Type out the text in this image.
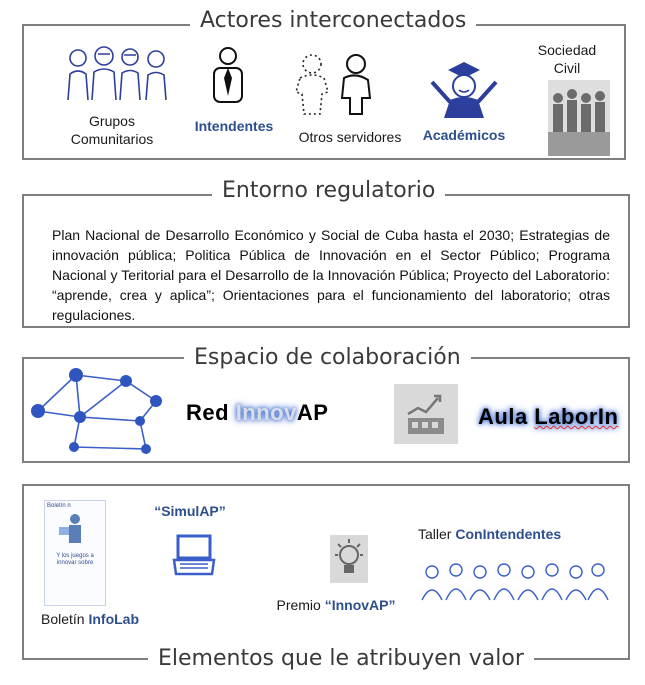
Actores interconectados
Grupos Comunitarios
Intendentes
Otros servidores	Académicos
Sociedad Civil
Entorno regulatorio
Plan Nacional de Desarrollo Económico y Social de Cuba hasta el 2030; Estrategias de innovación pública; Politica Pública de Innovación en el Sector Público; Programa Nacional y Teritorial para el Desarrollo de la Innovación Pública; Proyecto del Laboratorio: “aprende, crea y aplica”; Orientaciones para el funcionamiento del laboratorio; otras regulaciones.
Espacio de colaboración
Red InnovAP	Aula LaborIn
Elementos que le atribuyen valor
Boletín n
Y los juegos a innovar sobre
Boletín InfoLab
“SimulAP”
Premio “InnovAP”
Taller ConIntendentes
